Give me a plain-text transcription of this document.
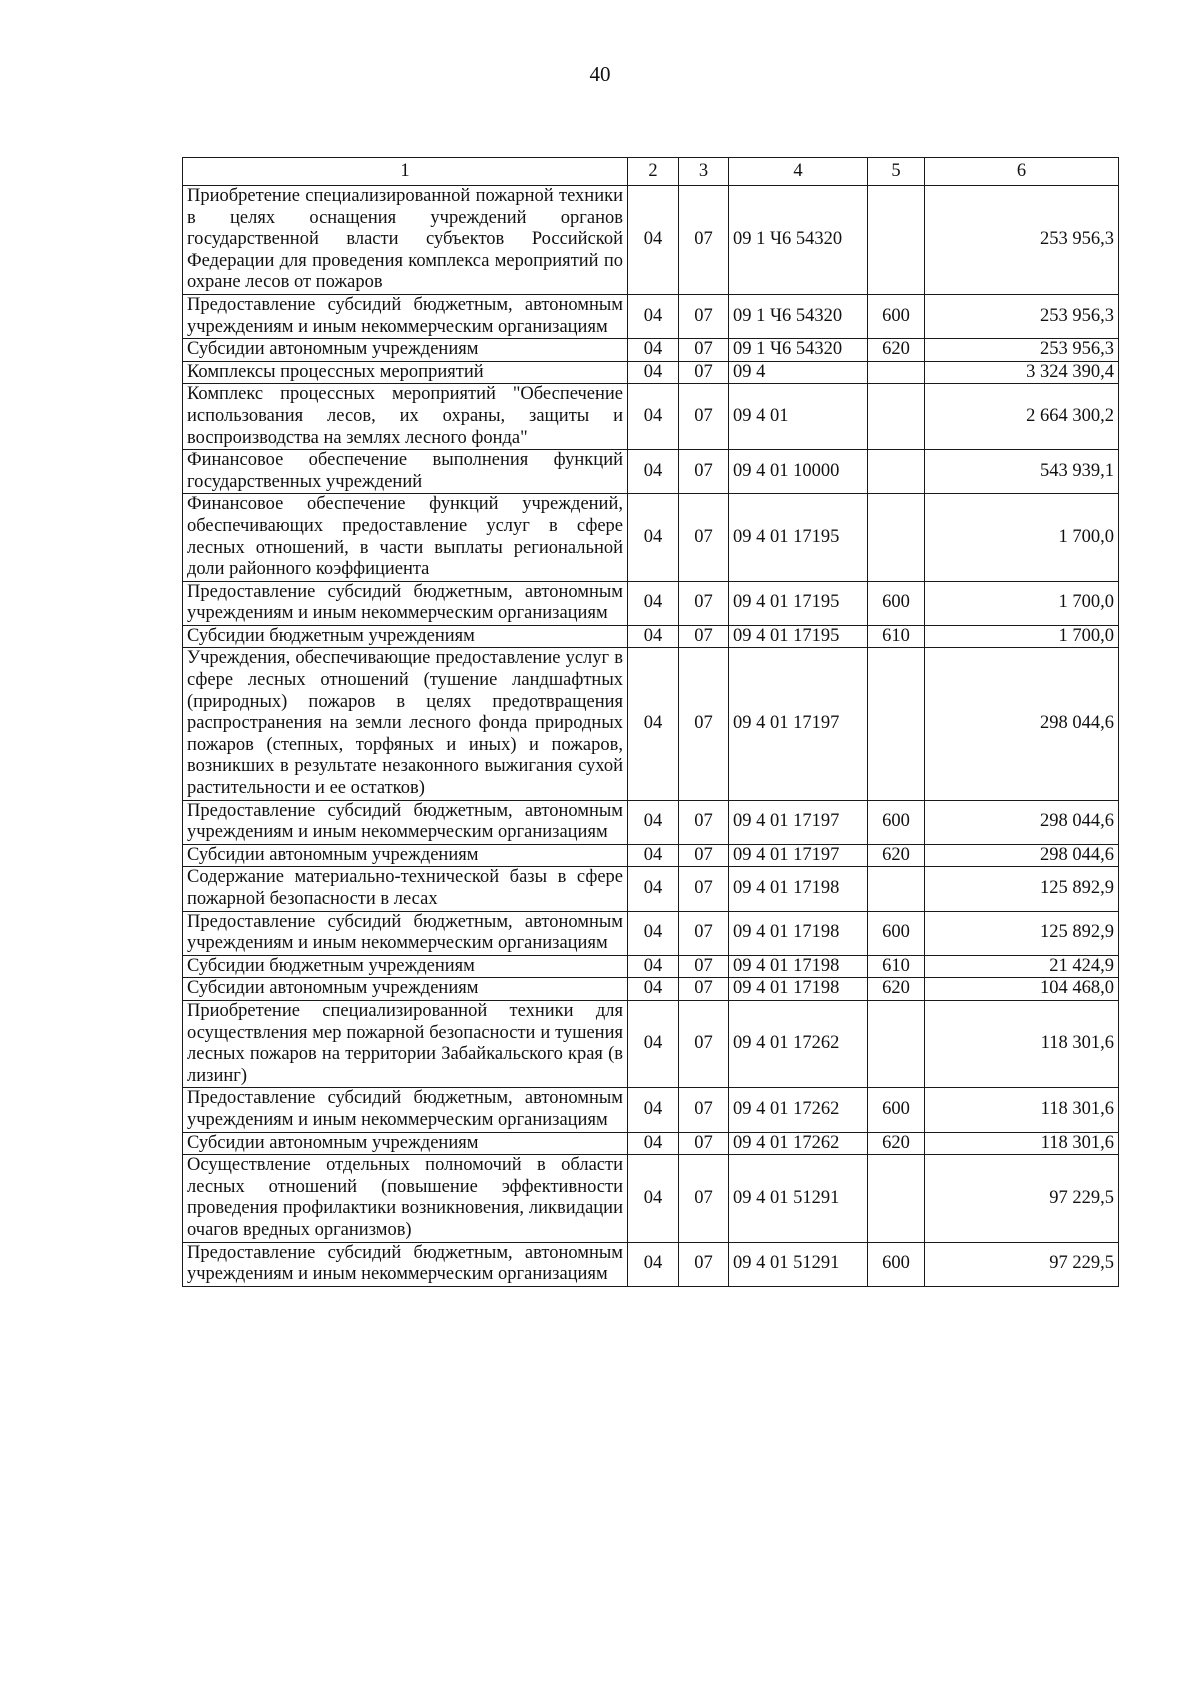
40
1	2	3	4	5	6
Приобретение специализированной пожарной техники в целях оснащения учреждений органов государственной власти субъектов Российской Федерации для проведения комплекса мероприятий по охране лесов от пожаров	04	07	09 1 Ч6 54320		253 956,3
Предоставление субсидий бюджетным, автономным учреждениям и иным некоммерческим организациям	04	07	09 1 Ч6 54320	600	253 956,3
Субсидии автономным учреждениям	04	07	09 1 Ч6 54320	620	253 956,3
Комплексы процессных мероприятий	04	07	09 4		3 324 390,4
Комплекс процессных мероприятий "Обеспечение использования лесов, их охраны, защиты и воспроизводства на землях лесного фонда"	04	07	09 4 01		2 664 300,2
Финансовое обеспечение выполнения функций государственных учреждений	04	07	09 4 01 10000		543 939,1
Финансовое обеспечение функций учреждений, обеспечивающих предоставление услуг в сфере лесных отношений, в части выплаты региональной доли районного коэффициента	04	07	09 4 01 17195		1 700,0
Предоставление субсидий бюджетным, автономным учреждениям и иным некоммерческим организациям	04	07	09 4 01 17195	600	1 700,0
Субсидии бюджетным учреждениям	04	07	09 4 01 17195	610	1 700,0
Учреждения, обеспечивающие предоставление услуг в сфере лесных отношений (тушение ландшафтных (природных) пожаров в целях предотвращения распространения на земли лесного фонда природных пожаров (степных, торфяных и иных) и пожаров, возникших в результате незаконного выжигания сухой растительности и ее остатков)	04	07	09 4 01 17197		298 044,6
Предоставление субсидий бюджетным, автономным учреждениям и иным некоммерческим организациям	04	07	09 4 01 17197	600	298 044,6
Субсидии автономным учреждениям	04	07	09 4 01 17197	620	298 044,6
Содержание материально-технической базы в сфере пожарной безопасности в лесах	04	07	09 4 01 17198		125 892,9
Предоставление субсидий бюджетным, автономным учреждениям и иным некоммерческим организациям	04	07	09 4 01 17198	600	125 892,9
Субсидии бюджетным учреждениям	04	07	09 4 01 17198	610	21 424,9
Субсидии автономным учреждениям	04	07	09 4 01 17198	620	104 468,0
Приобретение специализированной техники для осуществления мер пожарной безопасности и тушения лесных пожаров на территории Забайкальского края (в лизинг)	04	07	09 4 01 17262		118 301,6
Предоставление субсидий бюджетным, автономным учреждениям и иным некоммерческим организациям	04	07	09 4 01 17262	600	118 301,6
Субсидии автономным учреждениям	04	07	09 4 01 17262	620	118 301,6
Осуществление отдельных полномочий в области лесных отношений (повышение эффективности проведения профилактики возникновения, ликвидации очагов вредных организмов)	04	07	09 4 01 51291		97 229,5
Предоставление субсидий бюджетным, автономным учреждениям и иным некоммерческим организациям	04	07	09 4 01 51291	600	97 229,5
